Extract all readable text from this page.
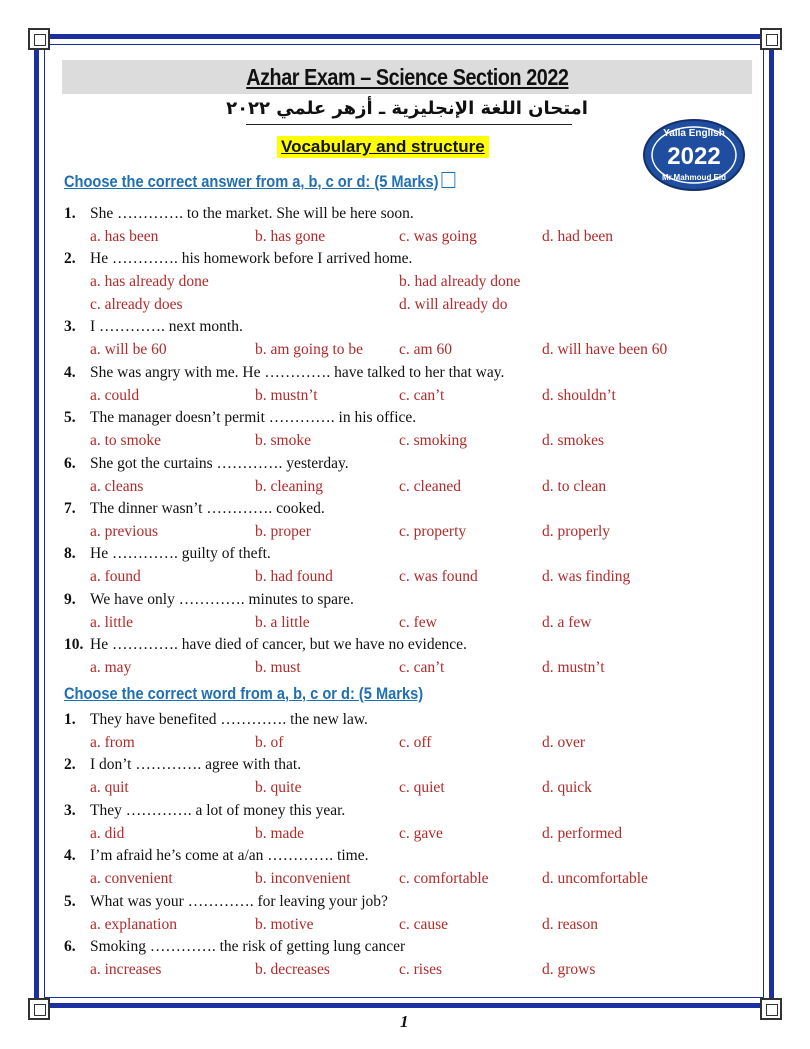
Azhar Exam – Science Section 2022
امتحان اللغة الإنجليزية ـ أزهر علمي ٢٠٢٢
Vocabulary and structure
Yalla English
2022
Mr.Mahmoud Eid
Choose the correct answer from a, b, c or d: (5 Marks)
1. She …………. to the market. She will be here soon.
a. has been	b. has gone	c. was going	d. had been
2. He …………. his homework before I arrived home.
a. has already done	b. had already done
c. already does	d. will already do
3. I …………. next month.
a. will be 60	b. am going to be c. am 60	d. will have been 60
4. She was angry with me. He …………. have talked to her that way.
a. could	b. mustn’t	c. can’t	d. shouldn’t
5. The manager doesn’t permit …………. in his office.
a. to smoke	b. smoke	c. smoking	d. smokes
6. She got the curtains …………. yesterday.
a. cleans	b. cleaning	c. cleaned	d. to clean
7. The dinner wasn’t …………. cooked.
a. previous	b. proper	c. property	d. properly
8. He …………. guilty of theft.
a. found	b. had found	c. was found	d. was finding
9. We have only …………. minutes to spare.
a. little	b. a little	c. few	d. a few
10. He …………. have died of cancer, but we have no evidence.
a. may	b. must	c. can’t	d. mustn’t
Choose the correct word from a, b, c or d: (5 Marks)
1. They have benefited …………. the new law.
a. from	b. of	c. off	d. over
2. I don’t …………. agree with that.
a. quit	b. quite	c. quiet	d. quick
3. They …………. a lot of money this year.
a. did	b. made	c. gave	d. performed
4. I’m afraid he’s come at a/an …………. time.
a. convenient	b. inconvenient	c. comfortable	d. uncomfortable
5. What was your …………. for leaving your job?
a. explanation	b. motive	c. cause	d. reason
6. Smoking …………. the risk of getting lung cancer
a. increases	b. decreases	c. rises	d. grows
1
